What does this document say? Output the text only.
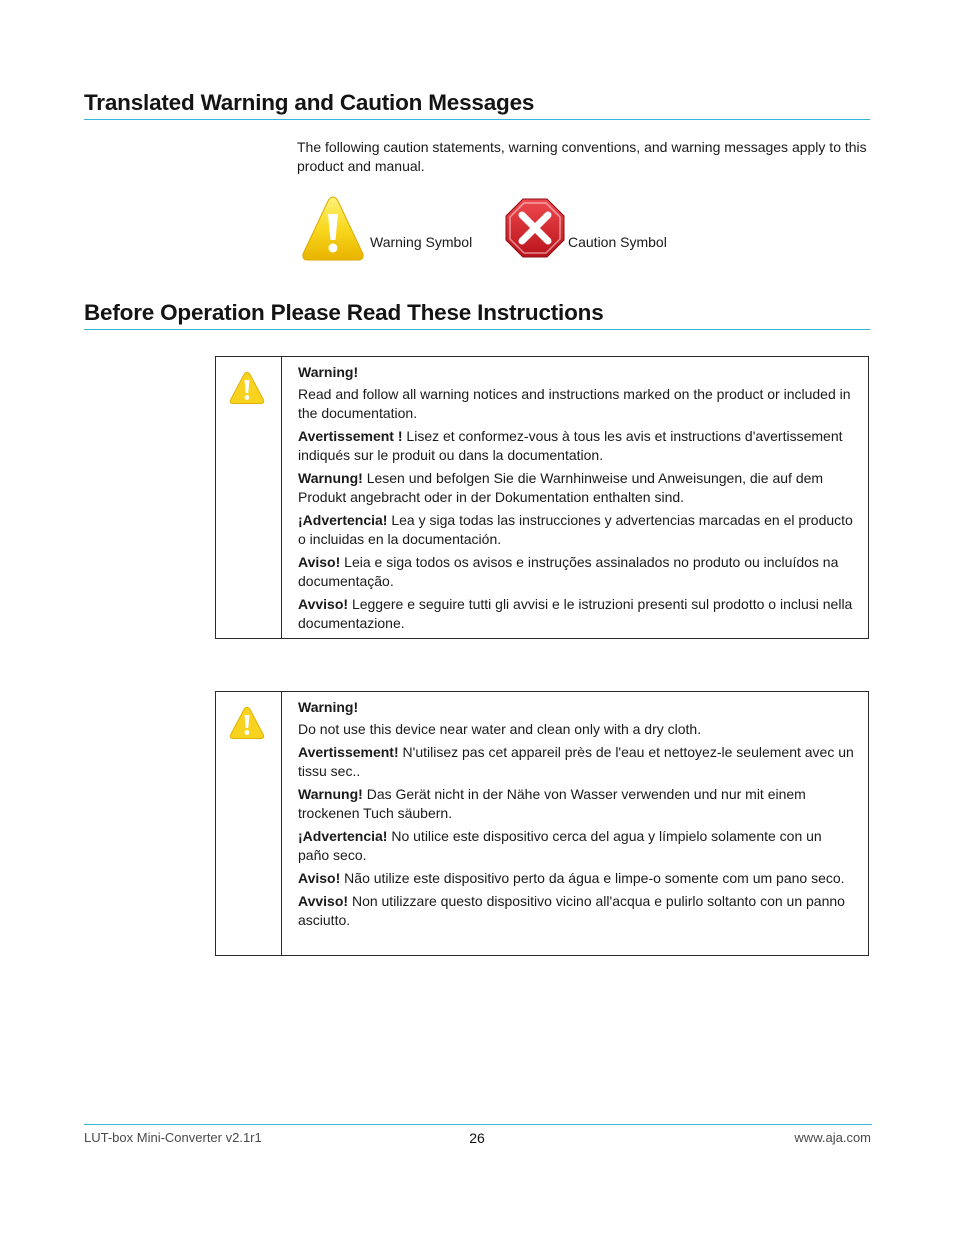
Translated Warning and Caution Messages
The following caution statements, warning conventions, and warning messages apply to this product and manual.
Warning Symbol	Caution Symbol
Before Operation Please Read These Instructions
Warning!

Read and follow all warning notices and instructions marked on the product or included in the documentation.

Avertissement ! Lisez et conformez-vous à tous les avis et instructions d'avertissement indiqués sur le produit ou dans la documentation.

Warnung! Lesen und befolgen Sie die Warnhinweise und Anweisungen, die auf dem Produkt angebracht oder in der Dokumentation enthalten sind.

¡Advertencia! Lea y siga todas las instrucciones y advertencias marcadas en el producto o incluidas en la documentación.

Aviso! Leia e siga todos os avisos e instruções assinalados no produto ou incluídos na documentação.

Avviso! Leggere e seguire tutti gli avvisi e le istruzioni presenti sul prodotto o inclusi nella documentazione.

Warning!

Do not use this device near water and clean only with a dry cloth.

Avertissement! N'utilisez pas cet appareil près de l'eau et nettoyez-le seulement avec un tissu sec..

Warnung! Das Gerät nicht in der Nähe von Wasser verwenden und nur mit einem trockenen Tuch säubern.

¡Advertencia! No utilice este dispositivo cerca del agua y límpielo solamente con un paño seco.

Aviso! Não utilize este dispositivo perto da água e limpe-o somente com um pano seco.

Avviso! Non utilizzare questo dispositivo vicino all'acqua e pulirlo soltanto con un panno asciutto.

LUT-box Mini-Converter v2.1r1	26	www.aja.com
